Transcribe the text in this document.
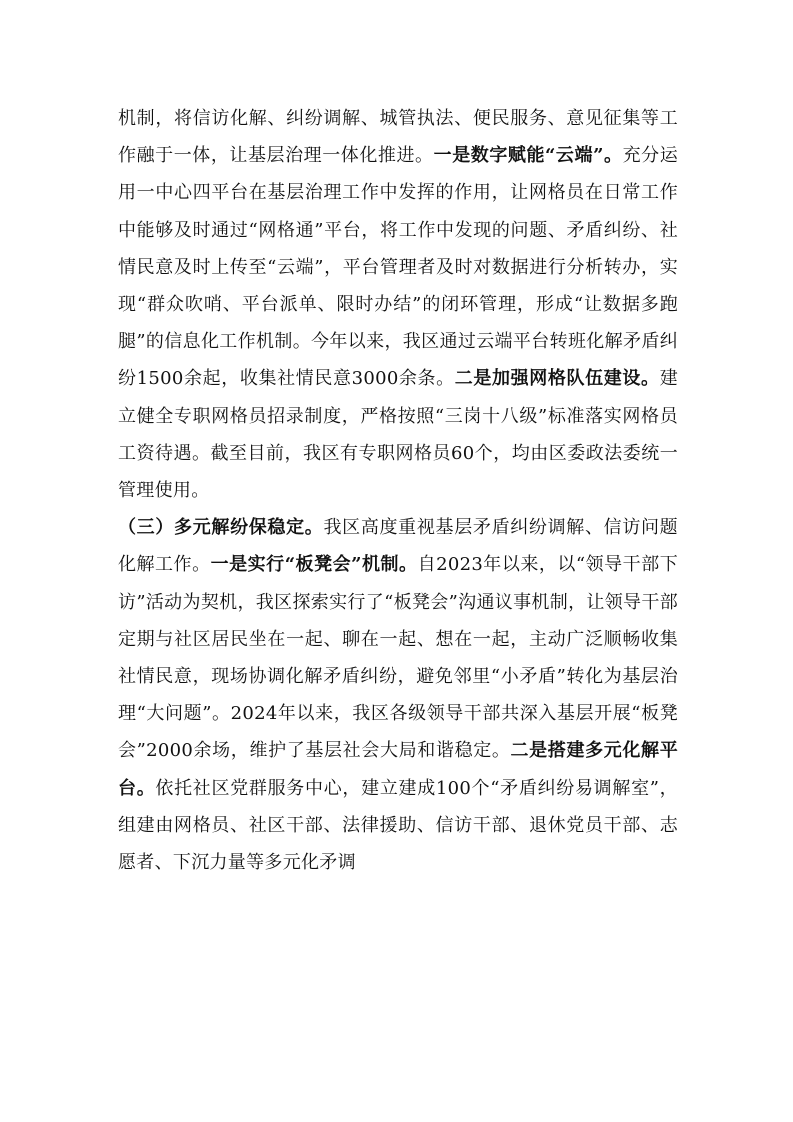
机制，将信访化解、纠纷调解、城管执法、便民服务、意见征集等工作融于一体，让基层治理一体化推进。一是数字赋能“云端”。充分运用一中心四平台在基层治理工作中发挥的作用，让网格员在日常工作中能够及时通过“网格通”平台，将工作中发现的问题、矛盾纠纷、社情民意及时上传至“云端”，平台管理者及时对数据进行分析转办，实现“群众吹哨、平台派单、限时办结”的闭环管理，形成“让数据多跑腿”的信息化工作机制。今年以来，我区通过云端平台转班化解矛盾纠纷1500余起，收集社情民意3000余条。二是加强网格队伍建设。建立健全专职网格员招录制度，严格按照“三岗十八级”标准落实网格员工资待遇。截至目前，我区有专职网格员60个，均由区委政法委统一管理使用。

（三）多元解纷保稳定。我区高度重视基层矛盾纠纷调解、信访问题化解工作。一是实行“板凳会”机制。自2023年以来，以“领导干部下访”活动为契机，我区探索实行了“板凳会”沟通议事机制，让领导干部定期与社区居民坐在一起、聊在一起、想在一起，主动广泛顺畅收集社情民意，现场协调化解矛盾纠纷，避免邻里“小矛盾”转化为基层治理“大问题”。2024年以来，我区各级领导干部共深入基层开展“板凳会”2000余场，维护了基层社会大局和谐稳定。二是搭建多元化解平台。依托社区党群服务中心，建立建成100个“矛盾纠纷易调解室”，组建由网格员、社区干部、法律援助、信访干部、退休党员干部、志愿者、下沉力量等多元化矛调
